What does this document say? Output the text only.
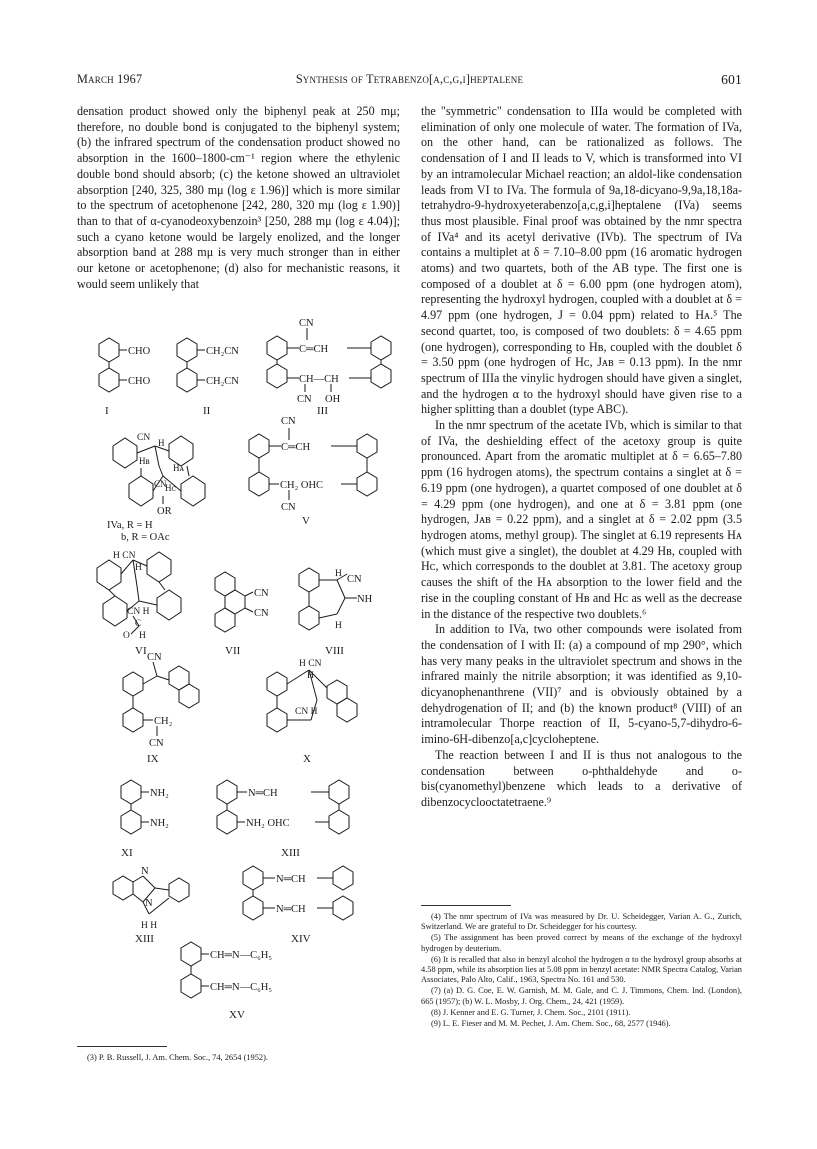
March 1967	Synthesis of Tetrabenzo[a,c,g,i]heptalene	601

densation product showed only the biphenyl peak at 250 mμ; therefore, no double bond is conjugated to the biphenyl system; (b) the infrared spectrum of the condensation product showed no absorption in the 1600–1800-cm⁻¹ region where the ethylenic double bond should absorb; (c) the ketone showed an ultraviolet absorption [240, 325, 380 mμ (log ε 1.96)] which is more similar to the spectrum of acetophenone [242, 280, 320 mμ (log ε 1.90)] than to that of α-cyanodeoxybenzoin³ [250, 288 mμ (log ε 4.04)]; such a cyano ketone would be largely enolized, and the longer absorption band at 288 mμ is very much stronger than in either our ketone or acetophenone; (d) also for mechanistic reasons, it would seem unlikely that

CHO
CHO
I
CH₂CN
CH₂CN
II
CN
C═CH
CH—CH
CN OH
III
CN H
Hʙ
Hᴀ
CN
Hᴄ
OR
IVa, R = H
b, R = OAc
CN
C═CH
CH₂ OHC
CN
V
H CN
H
CN H
O H
C
VI
CN
CN
VII
H CN
NH
H
VIII
CN
CH₂
CN
IX
H CN
H
CN H
X
NH₂
NH₂
XI
N═CH
NH₂ OHC
XIII
N
N
H H
XIII
N═CH
N═CH
XIV
CH═N—C₆H₅
CH═N—C₆H₅
XV
(3) P. B. Russell, J. Am. Chem. Soc., 74, 2654 (1952).

the "symmetric" condensation to IIIa would be completed with elimination of only one molecule of water. The formation of IVa, on the other hand, can be rationalized as follows. The condensation of I and II leads to V, which is transformed into VI by an intramolecular Michael reaction; an aldol-like condensation leads from VI to IVa. The formula of 9a,18-dicyano-9,9a,18,18a-tetrahydro-9-hydroxyeterabenzo[a,c,g,i]heptalene (IVa) seems thus most plausible. Final proof was obtained by the nmr spectra of IVa⁴ and its acetyl derivative (IVb). The spectrum of IVa contains a multiplet at δ = 7.10–8.00 ppm (16 aromatic hydrogen atoms) and two quartets, both of the AB type. The first one is composed of a doublet at δ = 6.00 ppm (one hydrogen atom), representing the hydroxyl hydrogen, coupled with a doublet at δ = 4.97 ppm (one hydrogen, J = 0.04 ppm) related to Hᴀ.⁵ The second quartet, too, is composed of two doublets: δ = 4.65 ppm (one hydrogen), corresponding to Hʙ, coupled with the doublet δ = 3.50 ppm (one hydrogen of Hᴄ, Jᴀʙ = 0.13 ppm). In the nmr spectrum of IIIa the vinylic hydrogen should have given a singlet, and the hydrogen α to the hydroxyl should have given rise to a higher splitting than a doublet (type ABC).

In the nmr spectrum of the acetate IVb, which is similar to that of IVa, the deshielding effect of the acetoxy group is quite pronounced. Apart from the aromatic multiplet at δ = 6.65–7.80 ppm (16 hydrogen atoms), the spectrum contains a singlet at δ = 6.19 ppm (one hydrogen), a quartet composed of one doublet at δ = 4.29 ppm (one hydrogen), and one at δ = 3.81 ppm (one hydrogen, Jᴀʙ = 0.22 ppm), and a singlet at δ = 2.02 ppm (3.5 hydrogen atoms, methyl group). The singlet at 6.19 represents Hᴀ (which must give a singlet), the doublet at 4.29 Hʙ, coupled with Hᴄ, which corresponds to the doublet at 3.81. The acetoxy group causes the shift of the Hᴀ absorption to the lower field and the rise in the coupling constant of Hʙ and Hᴄ as well as the decrease in the distance of the respective two doublets.⁶

In addition to IVa, two other compounds were isolated from the condensation of I with II: (a) a compound of mp 290°, which has very many peaks in the ultraviolet spectrum and shows in the infrared mainly the nitrile absorption; it was identified as 9,10-dicyanophenanthrene (VII)⁷ and is obviously obtained by a dehydrogenation of II; and (b) the known product⁸ (VIII) of an intramolecular Thorpe reaction of II, 5-cyano-5,7-dihydro-6-imino-6H-dibenzo[a,c]cycloheptene.

The reaction between I and II is thus not analogous to the condensation between o-phthaldehyde and o-bis(cyanomethyl)benzene which leads to a derivative of dibenzocyclooctatetraene.⁹

(4) The nmr spectrum of IVa was measured by Dr. U. Scheidegger, Varian A. G., Zurich, Switzerland. We are grateful to Dr. Scheidegger for his courtesy.

(5) The assignment has been proved correct by means of the exchange of the hydroxyl hydrogen by deuterium.

(6) It is recalled that also in benzyl alcohol the hydrogen α to the hydroxyl group absorbs at 4.58 ppm, while its absorption lies at 5.08 ppm in benzyl acetate: NMR Spectra Catalog, Varian Associates, Palo Alto, Calif., 1963, Spectra No. 161 and 530.

(7) (a) D. G. Coe, E. W. Garnish, M. M. Gale, and C. J. Timmons, Chem. Ind. (London), 665 (1957); (b) W. L. Mosby, J. Org. Chem., 24, 421 (1959).

(8) J. Kenner and E. G. Turner, J. Chem. Soc., 2101 (1911).

(9) L. E. Fieser and M. M. Pechet, J. Am. Chem. Soc., 68, 2577 (1946).
